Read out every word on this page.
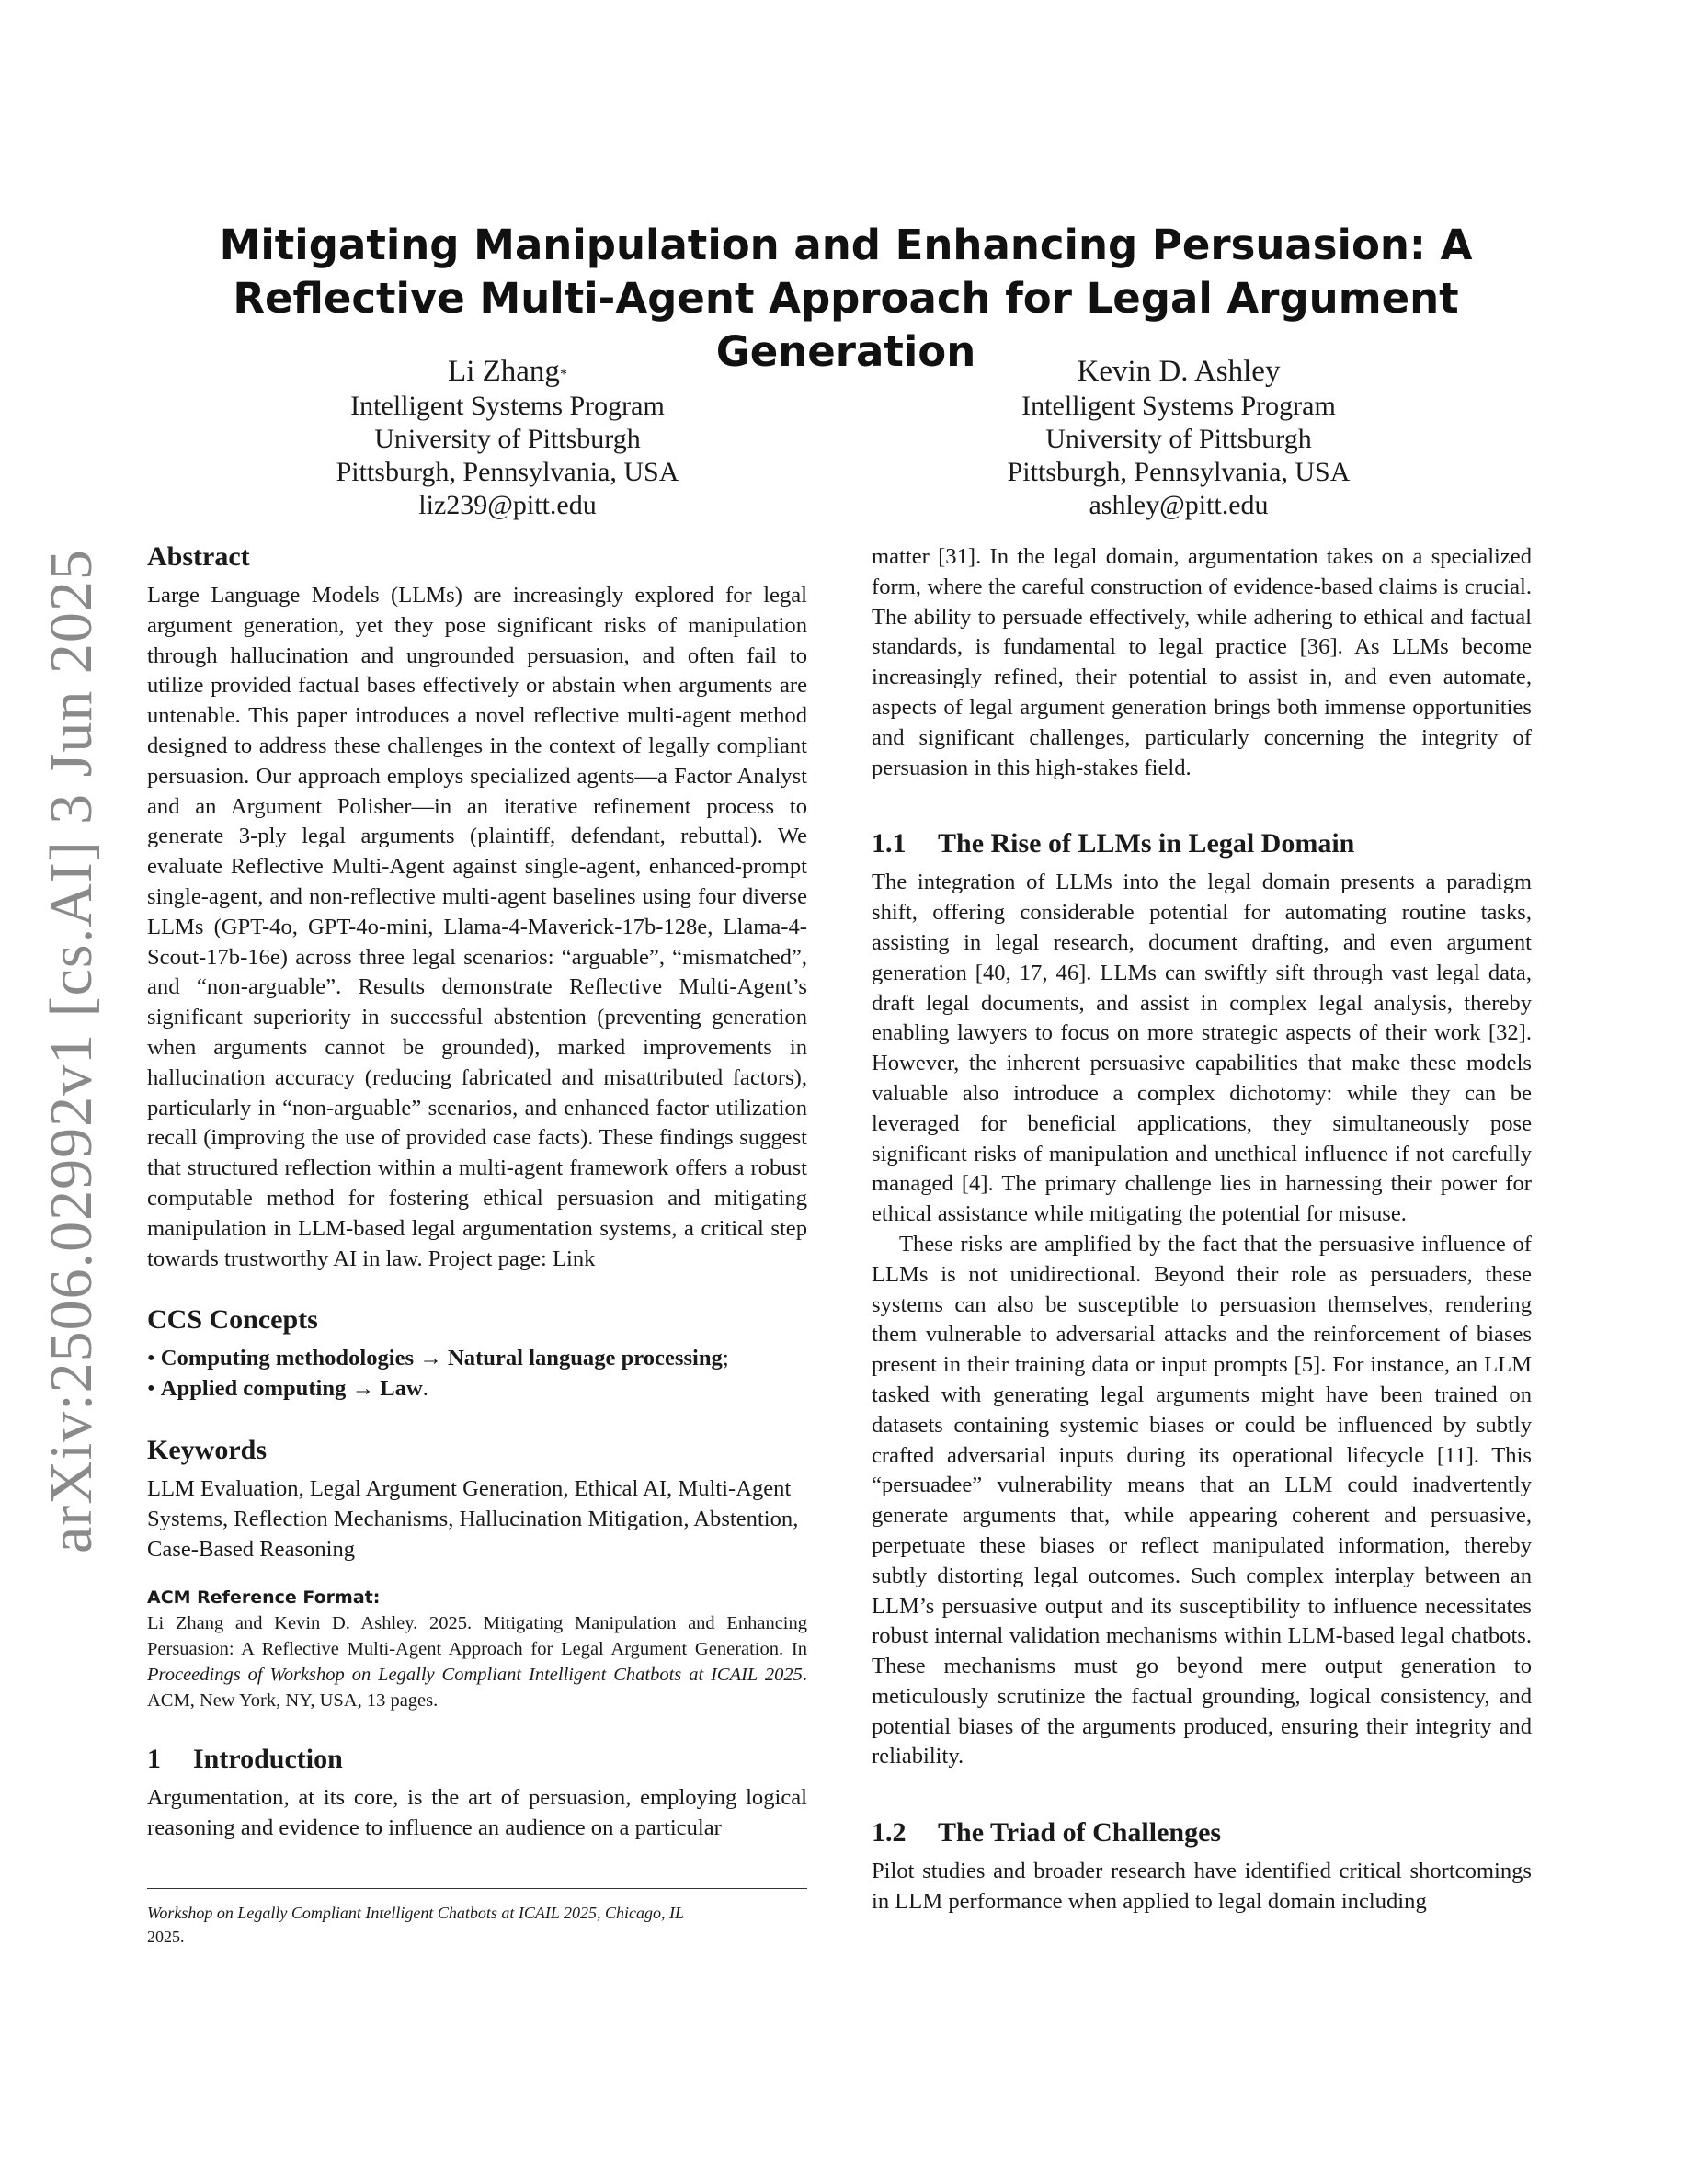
arXiv:2506.02992v1 [cs.AI] 3 Jun 2025
Mitigating Manipulation and Enhancing Persuasion: A Reflective Multi-Agent Approach for Legal Argument Generation
Li Zhang*
Intelligent Systems Program
University of Pittsburgh
Pittsburgh, Pennsylvania, USA
liz239@pitt.edu
Kevin D. Ashley
Intelligent Systems Program
University of Pittsburgh
Pittsburgh, Pennsylvania, USA
ashley@pitt.edu
Abstract

Large Language Models (LLMs) are increasingly explored for legal argument generation, yet they pose significant risks of manipulation through hallucination and ungrounded persuasion, and often fail to utilize provided factual bases effectively or abstain when arguments are untenable. This paper introduces a novel reflective multi-agent method designed to address these challenges in the context of legally compliant persuasion. Our approach employs specialized agents—a Factor Analyst and an Argument Polisher—in an iterative refinement process to generate 3-ply legal arguments (plaintiff, defendant, rebuttal). We evaluate Reflective Multi-Agent against single-agent, enhanced-prompt single-agent, and non-reflective multi-agent baselines using four diverse LLMs (GPT-4o, GPT-4o-mini, Llama-4-Maverick-17b-128e, Llama-4-Scout-17b-16e) across three legal scenarios: “arguable”, “mismatched”, and “non-arguable”. Results demonstrate Reflective Multi-Agent’s significant superiority in successful abstention (preventing generation when arguments cannot be grounded), marked improvements in hallucination accuracy (reducing fabricated and misattributed factors), particularly in “non-arguable” scenarios, and enhanced factor utilization recall (improving the use of provided case facts). These findings suggest that structured reflection within a multi-agent framework offers a robust computable method for fostering ethical persuasion and mitigating manipulation in LLM-based legal argumentation systems, a critical step towards trustworthy AI in law. Project page: Link

CCS Concepts
• Computing methodologies → Natural language processing;
• Applied computing → Law.
Keywords

LLM Evaluation, Legal Argument Generation, Ethical AI, Multi-Agent Systems, Reflection Mechanisms, Hallucination Mitigation, Abstention, Case-Based Reasoning

ACM Reference Format:

Li Zhang and Kevin D. Ashley. 2025. Mitigating Manipulation and Enhancing Persuasion: A Reflective Multi-Agent Approach for Legal Argument Generation. In Proceedings of Workshop on Legally Compliant Intelligent Chatbots at ICAIL 2025. ACM, New York, NY, USA, 13 pages.

1 Introduction

Argumentation, at its core, is the art of persuasion, employing logical reasoning and evidence to influence an audience on a particular

Workshop on Legally Compliant Intelligent Chatbots at ICAIL 2025, Chicago, IL
2025.

matter [31]. In the legal domain, argumentation takes on a specialized form, where the careful construction of evidence-based claims is crucial. The ability to persuade effectively, while adhering to ethical and factual standards, is fundamental to legal practice [36]. As LLMs become increasingly refined, their potential to assist in, and even automate, aspects of legal argument generation brings both immense opportunities and significant challenges, particularly concerning the integrity of persuasion in this high-stakes field.

1.1 The Rise of LLMs in Legal Domain

The integration of LLMs into the legal domain presents a paradigm shift, offering considerable potential for automating routine tasks, assisting in legal research, document drafting, and even argument generation [40, 17, 46]. LLMs can swiftly sift through vast legal data, draft legal documents, and assist in complex legal analysis, thereby enabling lawyers to focus on more strategic aspects of their work [32]. However, the inherent persuasive capabilities that make these models valuable also introduce a complex dichotomy: while they can be leveraged for beneficial applications, they simultaneously pose significant risks of manipulation and unethical influence if not carefully managed [4]. The primary challenge lies in harnessing their power for ethical assistance while mitigating the potential for misuse.

These risks are amplified by the fact that the persuasive influence of LLMs is not unidirectional. Beyond their role as persuaders, these systems can also be susceptible to persuasion themselves, rendering them vulnerable to adversarial attacks and the reinforcement of biases present in their training data or input prompts [5]. For instance, an LLM tasked with generating legal arguments might have been trained on datasets containing systemic biases or could be influenced by subtly crafted adversarial inputs during its operational lifecycle [11]. This “persuadee” vulnerability means that an LLM could inadvertently generate arguments that, while appearing coherent and persuasive, perpetuate these biases or reflect manipulated information, thereby subtly distorting legal outcomes. Such complex interplay between an LLM’s persuasive output and its susceptibility to influence necessitates robust internal validation mechanisms within LLM-based legal chatbots. These mechanisms must go beyond mere output generation to meticulously scrutinize the factual grounding, logical consistency, and potential biases of the arguments produced, ensuring their integrity and reliability.

1.2 The Triad of Challenges

Pilot studies and broader research have identified critical shortcomings in LLM performance when applied to legal domain including
